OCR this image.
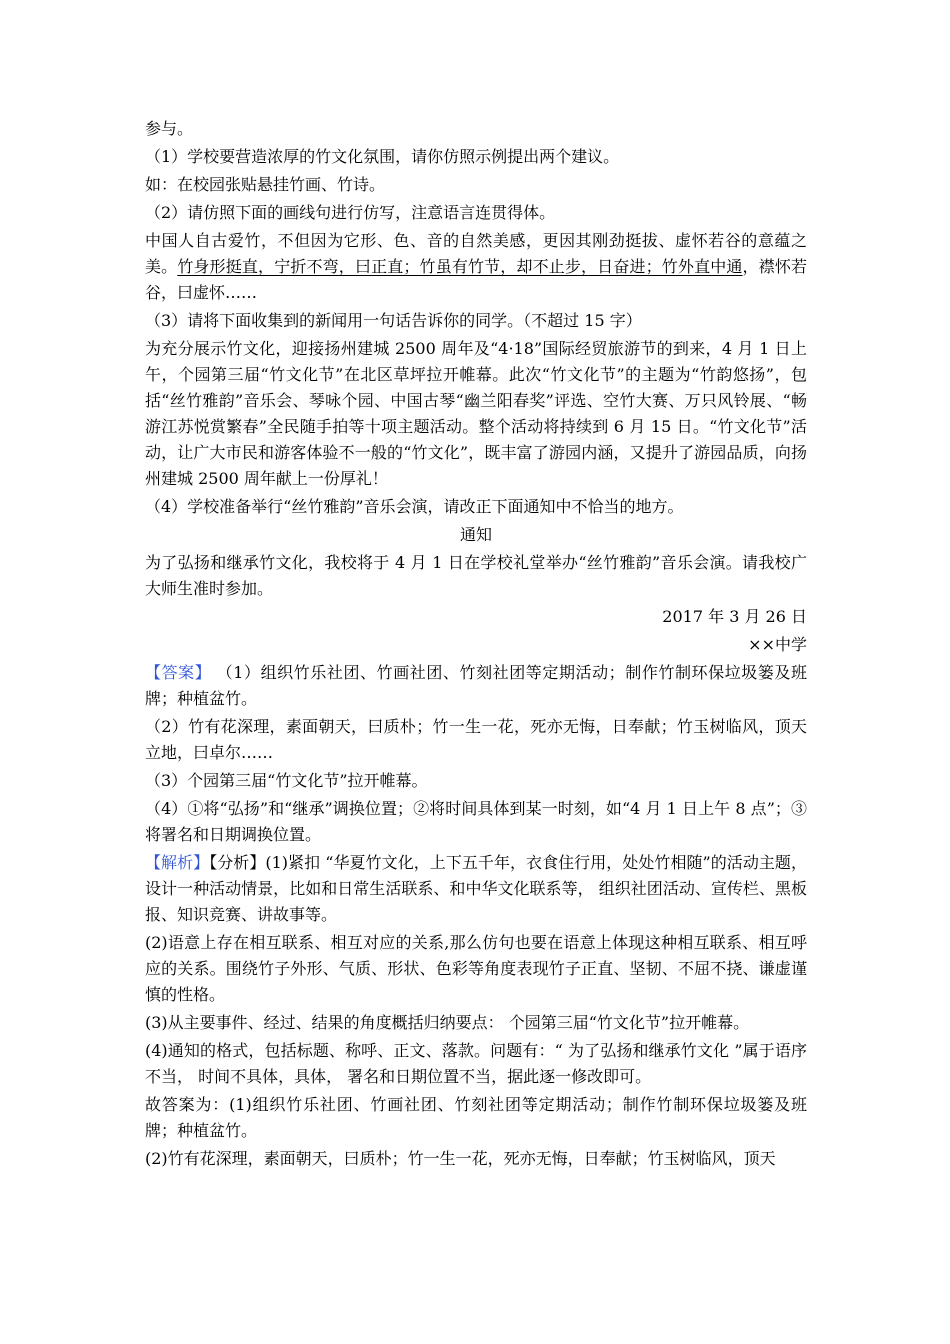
参与。

（1）学校要营造浓厚的竹文化氛围，请你仿照示例提出两个建议。

如：在校园张贴悬挂竹画、竹诗。

（2）请仿照下面的画线句进行仿写，注意语言连贯得体。

中国人自古爱竹，不但因为它形、色、音的自然美感，更因其刚劲挺拔、虚怀若谷的意蕴之美。竹身形挺直，宁折不弯，曰正直；竹虽有竹节，却不止步，日奋进；竹外直中通，襟怀若谷，曰虚怀……

（3）请将下面收集到的新闻用一句话告诉你的同学。（不超过 15 字）

为充分展示竹文化，迎接扬州建城 2500 周年及“4·18”国际经贸旅游节的到来，4 月 1 日上午，个园第三届“竹文化节”在北区草坪拉开帷幕。此次“竹文化节”的主题为“竹韵悠扬”，包括“丝竹雅韵”音乐会、琴咏个园、中国古琴“幽兰阳春奖”评选、空竹大赛、万只风铃展、“畅游江苏悦赏繁春”全民随手拍等十项主题活动。整个活动将持续到 6 月 15 日。“竹文化节”活动，让广大市民和游客体验不一般的“竹文化”，既丰富了游园内涵，又提升了游园品质，向扬州建城 2500 周年献上一份厚礼！

（4）学校准备举行“丝竹雅韵”音乐会演，请改正下面通知中不恰当的地方。

通知

为了弘扬和继承竹文化，我校将于 4 月 1 日在学校礼堂举办“丝竹雅韵”音乐会演。请我校广大师生准时参加。

2017 年 3 月 26 日

××中学

【答案】 （1）组织竹乐社团、竹画社团、竹刻社团等定期活动；制作竹制环保垃圾篓及班牌；种植盆竹。

（2）竹有花深理，素面朝天，曰质朴；竹一生一花，死亦无悔，日奉献；竹玉树临风，顶天立地，曰卓尔……

（3）个园第三届“竹文化节”拉开帷幕。

（4）①将“弘扬”和“继承”调换位置；②将时间具体到某一时刻，如“4 月 1 日上午 8 点”；③将署名和日期调换位置。

【解析】【分析】(1)紧扣 “华夏竹文化，上下五千年，衣食住行用，处处竹相随”的活动主题，设计一种活动情景，比如和日常生活联系、和中华文化联系等， 组织社团活动、宣传栏、黑板报、知识竞赛、讲故事等。

(2)语意上存在相互联系、相互对应的关系,那么仿句也要在语意上体现这种相互联系、相互呼应的关系。围绕竹子外形、气质、形状、色彩等角度表现竹子正直、坚韧、不屈不挠、谦虚谨慎的性格。

(3)从主要事件、经过、结果的角度概括归纳要点： 个园第三届“竹文化节”拉开帷幕。

(4)通知的格式，包括标题、称呼、正文、落款。问题有：“ 为了弘扬和继承竹文化 ”属于语序不当， 时间不具体，具体， 署名和日期位置不当，据此逐一修改即可。

故答案为：(1)组织竹乐社团、竹画社团、竹刻社团等定期活动；制作竹制环保垃圾篓及班牌；种植盆竹。

(2)竹有花深理，素面朝天，曰质朴；竹一生一花，死亦无悔，日奉献；竹玉树临风，顶天
